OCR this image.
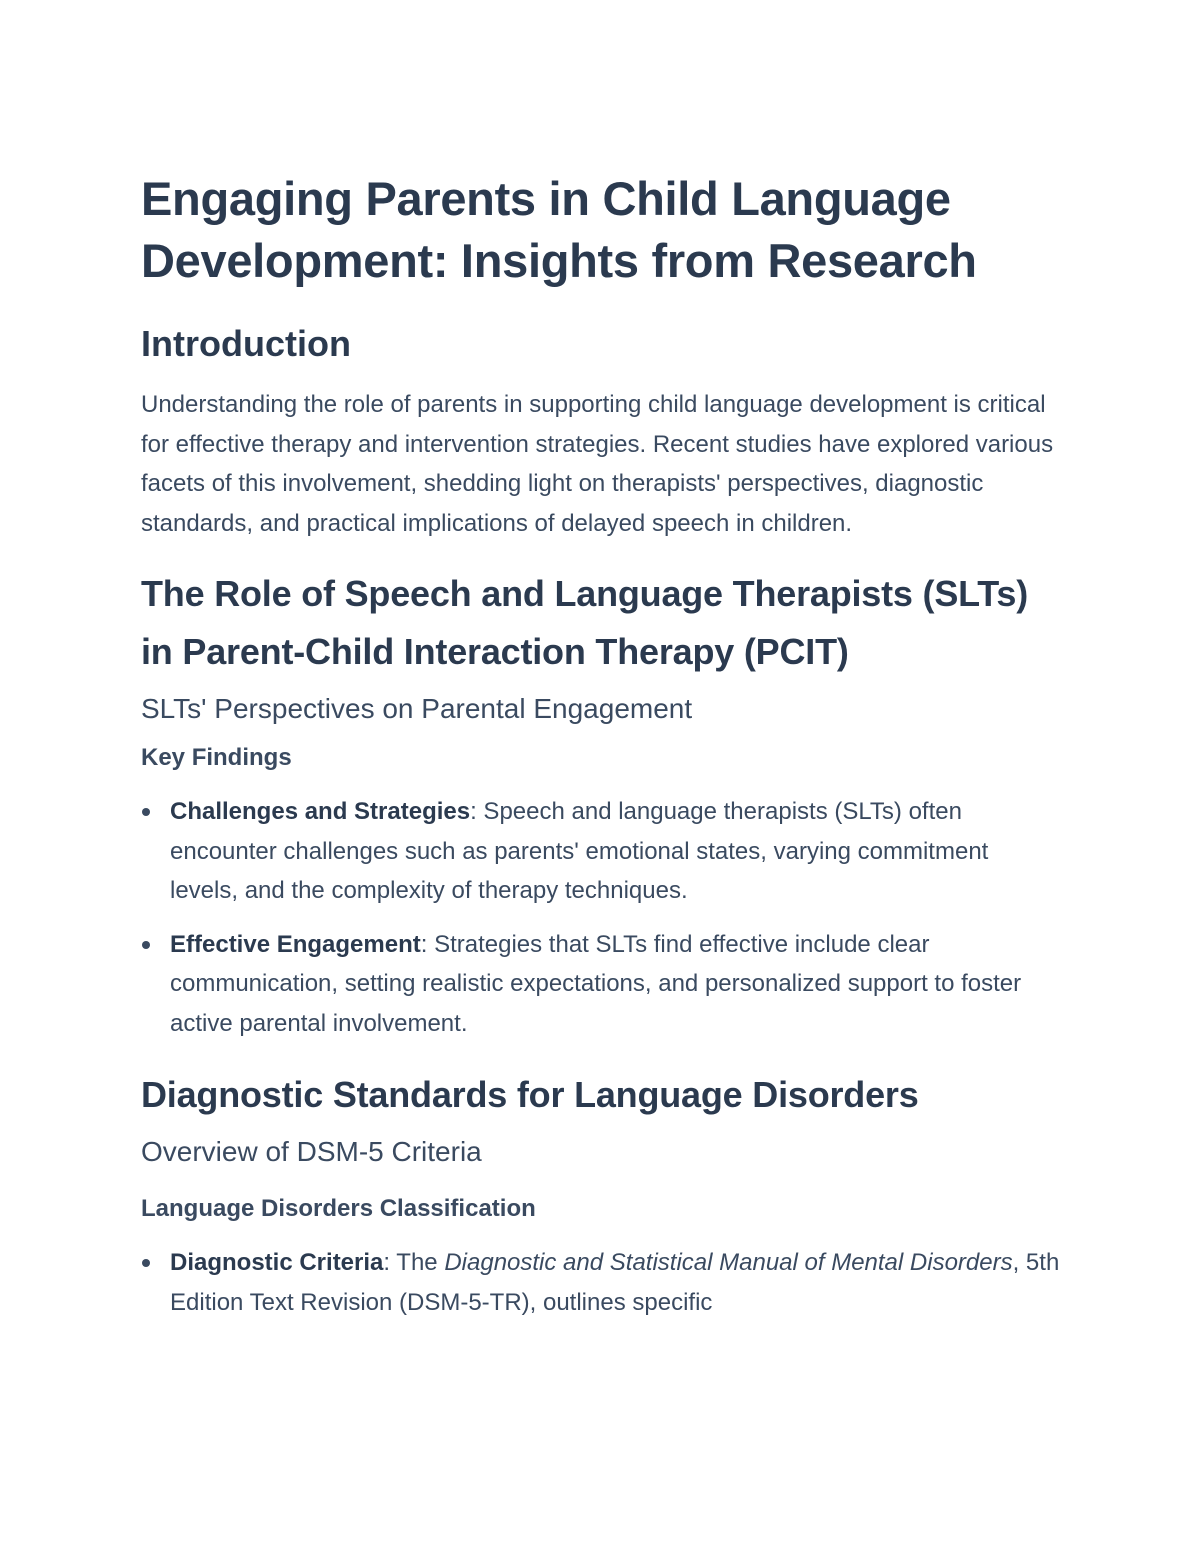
Engaging Parents in Child Language Development: Insights from Research
Introduction

Understanding the role of parents in supporting child language development is critical for effective therapy and intervention strategies. Recent studies have explored various facets of this involvement, shedding light on therapists' perspectives, diagnostic standards, and practical implications of delayed speech in children.

The Role of Speech and Language Therapists (SLTs) in Parent-Child Interaction Therapy (PCIT)
SLTs' Perspectives on Parental Engagement
Key Findings
Challenges and Strategies: Speech and language therapists (SLTs) often encounter challenges such as parents' emotional states, varying commitment levels, and the complexity of therapy techniques.
Effective Engagement: Strategies that SLTs find effective include clear communication, setting realistic expectations, and personalized support to foster active parental involvement.
Diagnostic Standards for Language Disorders
Overview of DSM-5 Criteria
Language Disorders Classification
Diagnostic Criteria: The Diagnostic and Statistical Manual of Mental Disorders, 5th Edition Text Revision (DSM-5-TR), outlines specific
